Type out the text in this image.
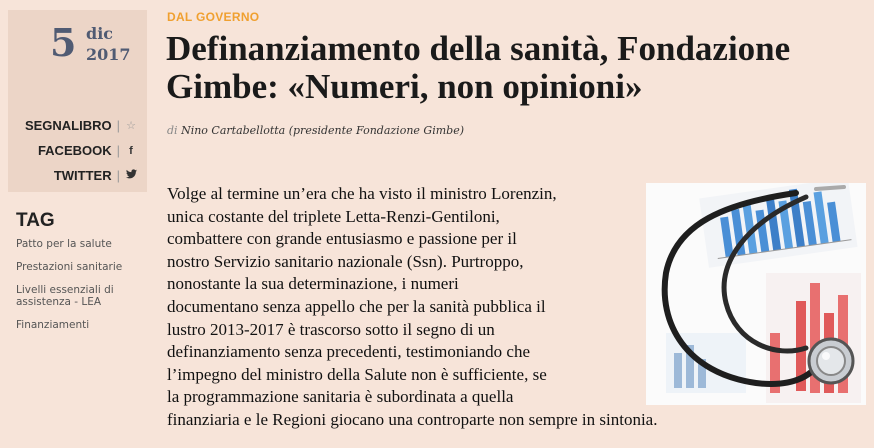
SEGNALIBRO | ☆
FACEBOOK | f
TWITTER |
5 dic
2017
TAG
Patto per la salute
Prestazioni sanitarie
Livelli essenziali di assistenza - LEA
Finanziamenti
DAL GOVERNO
Definanziamento della sanità, Fondazione Gimbe: «Numeri, non opinioni»
di Nino Cartabellotta (presidente Fondazione Gimbe)
Volge al termine un’era che ha visto il ministro Lorenzin,
unica costante del triplete Letta-Renzi-Gentiloni,
combattere con grande entusiasmo e passione per il
nostro Servizio sanitario nazionale (Ssn). Purtroppo,
nonostante la sua determinazione, i numeri
documentano senza appello che per la sanità pubblica il
lustro 2013-2017 è trascorso sotto il segno di un
definanziamento senza precedenti, testimoniando che
l’impegno del ministro della Salute non è sufficiente, se
la programmazione sanitaria è subordinata a quella
finanziaria e le Regioni giocano una controparte non sempre in sintonia.
